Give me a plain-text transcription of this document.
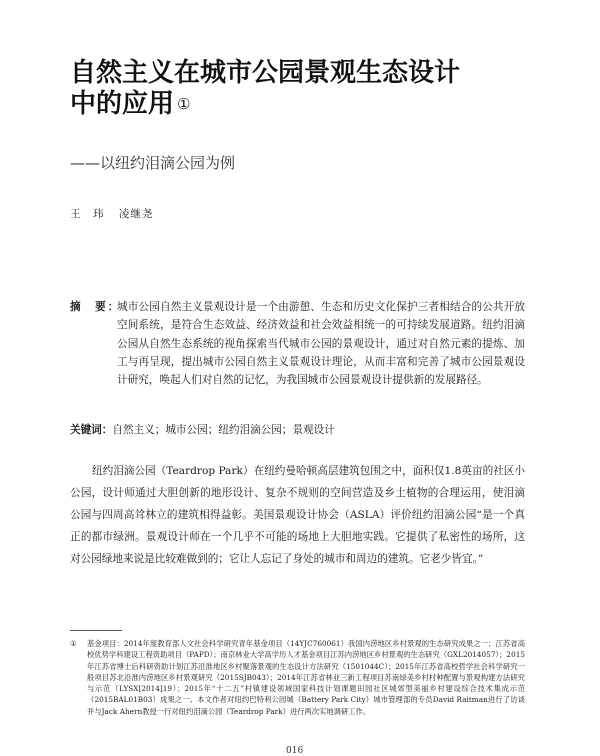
自然主义在城市公园景观生态设计
中的应用 ①
——以纽约泪滴公园为例
王　玮 凌继尧
摘　要：
城市公园自然主义景观设计是一个由游憩、生态和历史文化保护三者相结合的公共开放空间系统，是符合生态效益、经济效益和社会效益相统一的可持续发展道路。纽约泪滴公园从自然生态系统的视角探索当代城市公园的景观设计，通过对自然元素的提炼、加工与再呈现，提出城市公园自然主义景观设计理论，从而丰富和完善了城市公园景观设计研究，唤起人们对自然的记忆，为我国城市公园景观设计提供新的发展路径。
关键词：自然主义；城市公园；纽约泪滴公园；景观设计
纽约泪滴公园（Teardrop Park）在纽约曼哈顿高层建筑包围之中，面积仅1.8英亩的社区小公园，设计师通过大胆创新的地形设计、复杂不规则的空间营造及乡土植物的合理运用，使泪滴公园与四周高耸林立的建筑相得益彰。美国景观设计协会（ASLA）评价纽约泪滴公园“是一个真正的都市绿洲。景观设计师在一个几乎不可能的场地上大胆地实践。它提供了私密性的场所，这对公园绿地来说是比较难做到的；它让人忘记了身处的城市和周边的建筑。它老少皆宜。”
① 基金项目：2014年度教育部人文社会科学研究青年基金项目（14YJC760061）我国内涝地区乡村景观的生态研究成果之一；江苏省高校优势学科建设工程资助项目（PAPD）；南京林业大学高学历人才基金项目江苏内涝地区乡村景观的生态研究（GXL2014057）；2015年江苏省博士后科研资助计划江苏沿淮地区乡村聚落景观的生态设计方法研究（1501044C）；2015年江苏省高校哲学社会科学研究一般项目苏北沿淮内涝地区乡村景观研究（2015SJB043）；2014年江苏省林业三新工程项目苏南绿美乡村村种配置与景观构建方法研究与示范（LYSX[2014]19）；2015年“十二五”村镇建设领域国家科技计划课题田园社区城郊型美丽乡村建设综合技术集成示范（2015BAL01B03）成果之一。本文作者对纽约巴特利公园城（Battery Park City）城市管理部的专员David Raitman进行了访谈并与Jack Ahern教授一行对纽约泪滴公园（Teardrop Park）进行两次实地调研工作。
016
